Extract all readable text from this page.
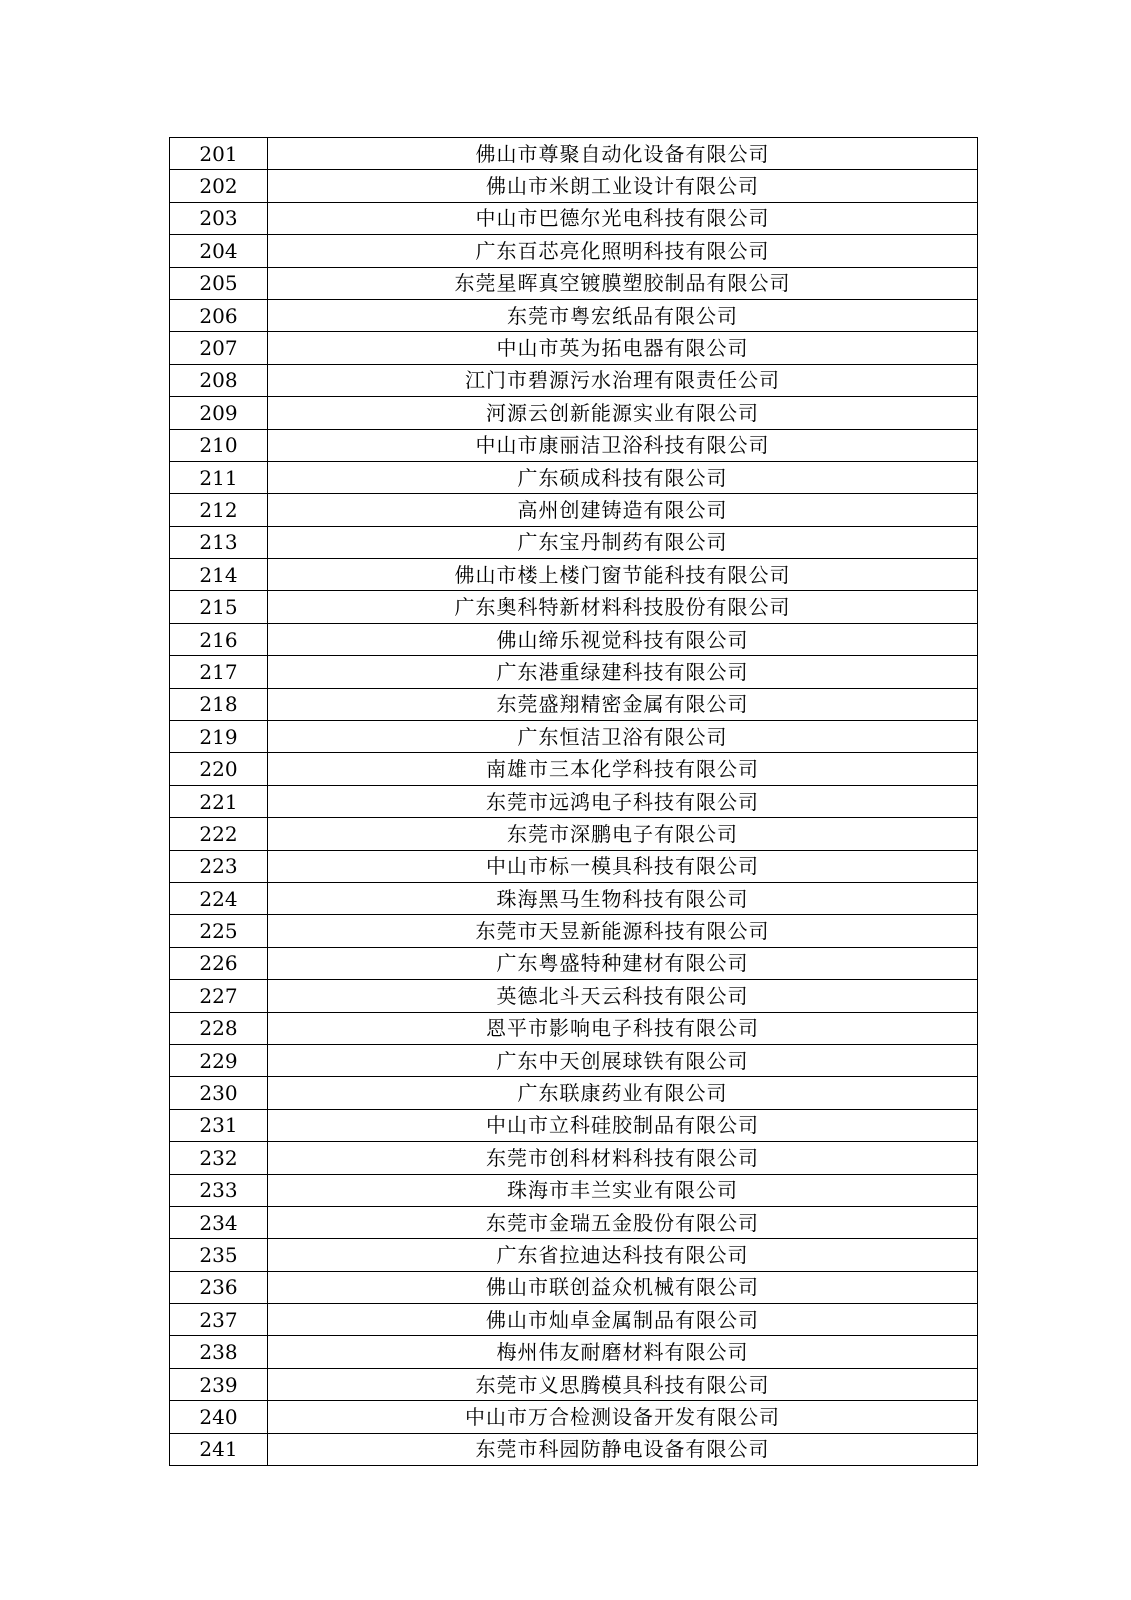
201	佛山市尊聚自动化设备有限公司
202	佛山市米朗工业设计有限公司
203	中山市巴德尔光电科技有限公司
204	广东百芯亮化照明科技有限公司
205	东莞星晖真空镀膜塑胶制品有限公司
206	东莞市粤宏纸品有限公司
207	中山市英为拓电器有限公司
208	江门市碧源污水治理有限责任公司
209	河源云创新能源实业有限公司
210	中山市康丽洁卫浴科技有限公司
211	广东硕成科技有限公司
212	高州创建铸造有限公司
213	广东宝丹制药有限公司
214	佛山市楼上楼门窗节能科技有限公司
215	广东奥科特新材料科技股份有限公司
216	佛山缔乐视觉科技有限公司
217	广东港重绿建科技有限公司
218	东莞盛翔精密金属有限公司
219	广东恒洁卫浴有限公司
220	南雄市三本化学科技有限公司
221	东莞市远鸿电子科技有限公司
222	东莞市深鹏电子有限公司
223	中山市标一模具科技有限公司
224	珠海黑马生物科技有限公司
225	东莞市天昱新能源科技有限公司
226	广东粤盛特种建材有限公司
227	英德北斗天云科技有限公司
228	恩平市影响电子科技有限公司
229	广东中天创展球铁有限公司
230	广东联康药业有限公司
231	中山市立科硅胶制品有限公司
232	东莞市创科材料科技有限公司
233	珠海市丰兰实业有限公司
234	东莞市金瑞五金股份有限公司
235	广东省拉迪达科技有限公司
236	佛山市联创益众机械有限公司
237	佛山市灿卓金属制品有限公司
238	梅州伟友耐磨材料有限公司
239	东莞市义思腾模具科技有限公司
240	中山市万合检测设备开发有限公司
241	东莞市科园防静电设备有限公司
